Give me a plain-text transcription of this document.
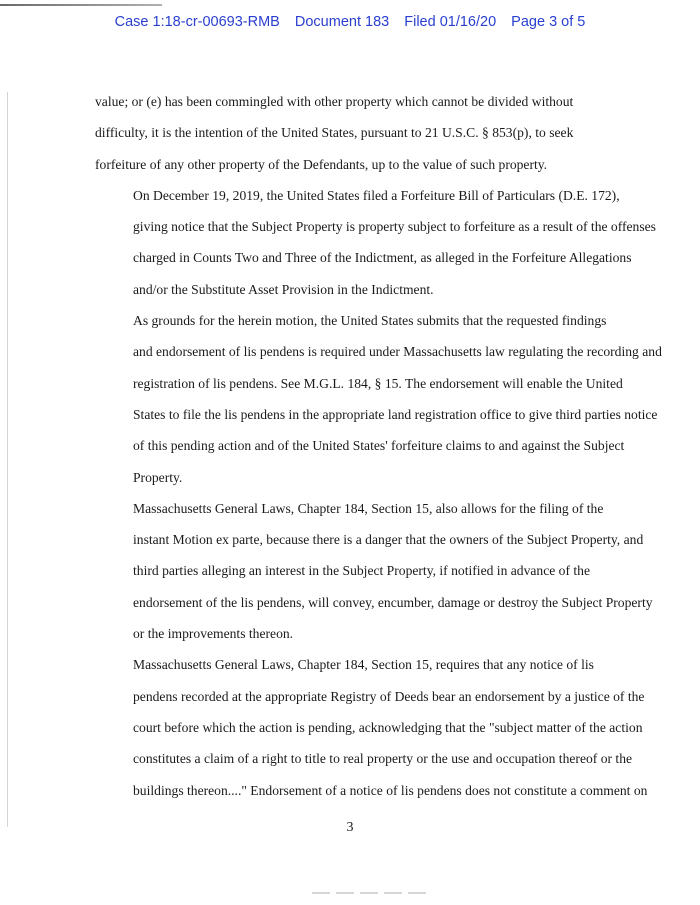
Case 1:18-cr-00693-RMB Document 183 Filed 01/16/20 Page 3 of 5

value; or (e) has been commingled with other property which cannot be divided without
difficulty, it is the intention of the United States, pursuant to 21 U.S.C. § 853(p), to seek
forfeiture of any other property of the Defendants, up to the value of such property.

On December 19, 2019, the United States filed a Forfeiture Bill of Particulars (D.E. 172),
giving notice that the Subject Property is property subject to forfeiture as a result of the offenses
charged in Counts Two and Three of the Indictment, as alleged in the Forfeiture Allegations
and/or the Substitute Asset Provision in the Indictment.

As grounds for the herein motion, the United States submits that the requested findings
and endorsement of lis pendens is required under Massachusetts law regulating the recording and
registration of lis pendens. See M.G.L. 184, § 15. The endorsement will enable the United
States to file the lis pendens in the appropriate land registration office to give third parties notice
of this pending action and of the United States' forfeiture claims to and against the Subject
Property.

Massachusetts General Laws, Chapter 184, Section 15, also allows for the filing of the
instant Motion ex parte, because there is a danger that the owners of the Subject Property, and
third parties alleging an interest in the Subject Property, if notified in advance of the
endorsement of the lis pendens, will convey, encumber, damage or destroy the Subject Property
or the improvements thereon.

Massachusetts General Laws, Chapter 184, Section 15, requires that any notice of lis
pendens recorded at the appropriate Registry of Deeds bear an endorsement by a justice of the
court before which the action is pending, acknowledging that the "subject matter of the action
constitutes a claim of a right to title to real property or the use and occupation thereof or the
buildings thereon...." Endorsement of a notice of lis pendens does not constitute a comment on

3
